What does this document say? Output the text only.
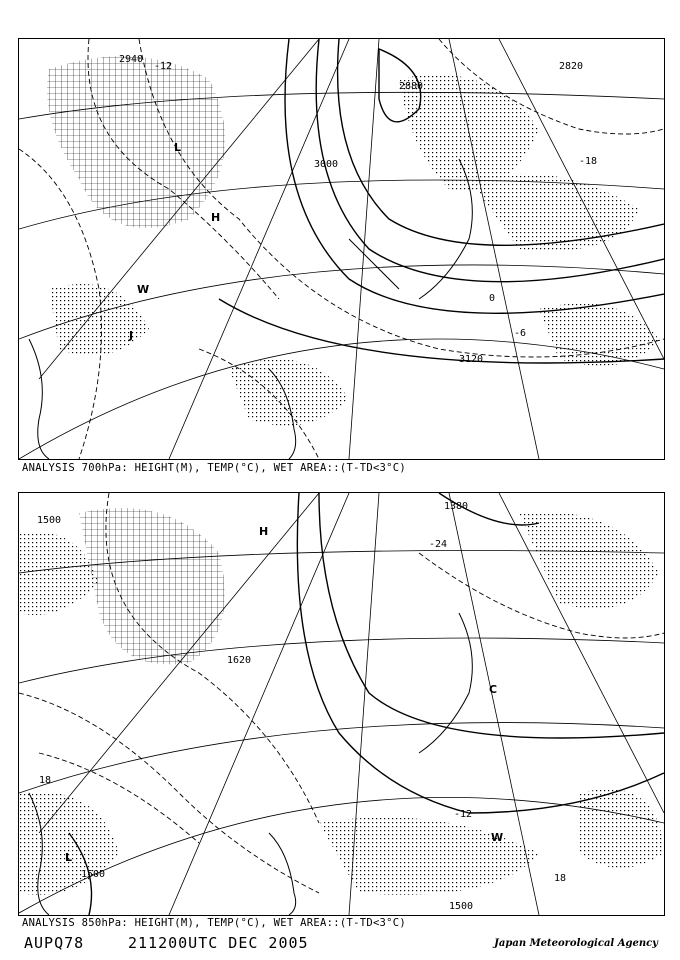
3120
3000
2940
2880
2820
-12
-18
0
-6
H
L
W
J
ANALYSIS 700hPa: HEIGHT(M), TEMP(°C), WET AREA::(T-TD<3°C)
1500
1620
1380
1500
1500
18
-24
-12
18
H
L
W
C
ANALYSIS 850hPa: HEIGHT(M), TEMP(°C), WET AREA::(T-TD<3°C)
AUPQ78	211200UTC DEC 2005	Japan Meteorological Agency
